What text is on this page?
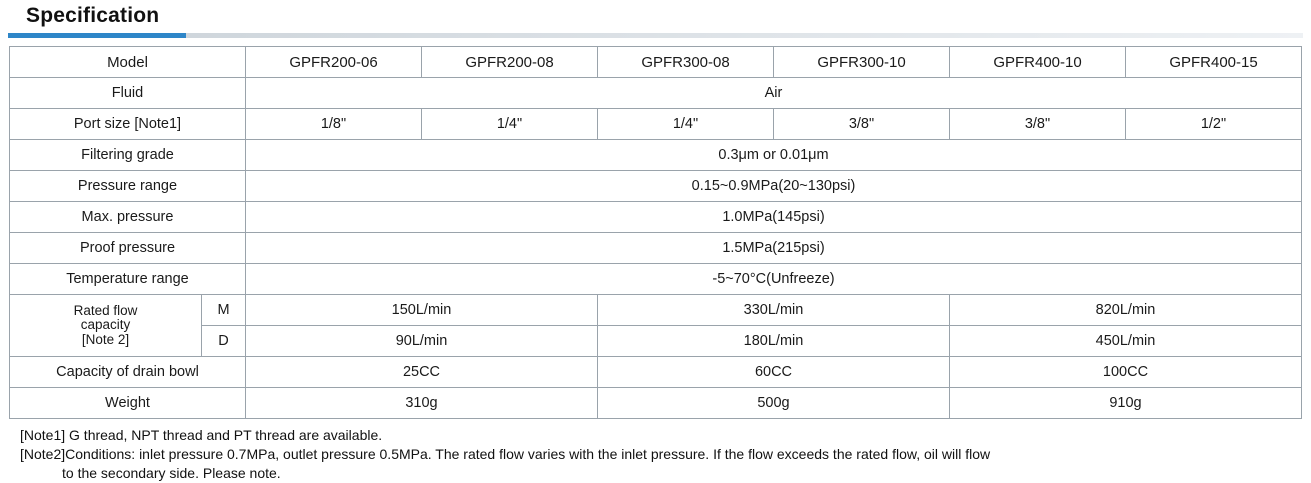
Specification
Model		GPFR200-06	GPFR200-08	GPFR300-08	GPFR300-10	GPFR400-10	GPFR400-15
Fluid		Air					
Port size [Note1]		1/8"	1/4"	1/4"	3/8"	3/8"	1/2"
Filtering grade		0.3μm or 0.01μm					
Pressure range		0.15~0.9MPa(20~130psi)					
Max. pressure		1.0MPa(145psi)					
Proof pressure		1.5MPa(215psi)					
Temperature range		-5~70°C(Unfreeze)					

Rated flow
capacity
[Note 2]	M	150L/min		330L/min		820L/min	
	D	90L/min		180L/min		450L/min	
Capacity of drain bowl		25CC		60CC		100CC	
Weight		310g		500g		910g	
[Note1] G thread, NPT thread and PT thread are available.
[Note2]Conditions: inlet pressure 0.7MPa, outlet pressure 0.5MPa. The rated flow varies with the inlet pressure. If the flow exceeds the rated flow, oil will flow
to the secondary side. Please note.
